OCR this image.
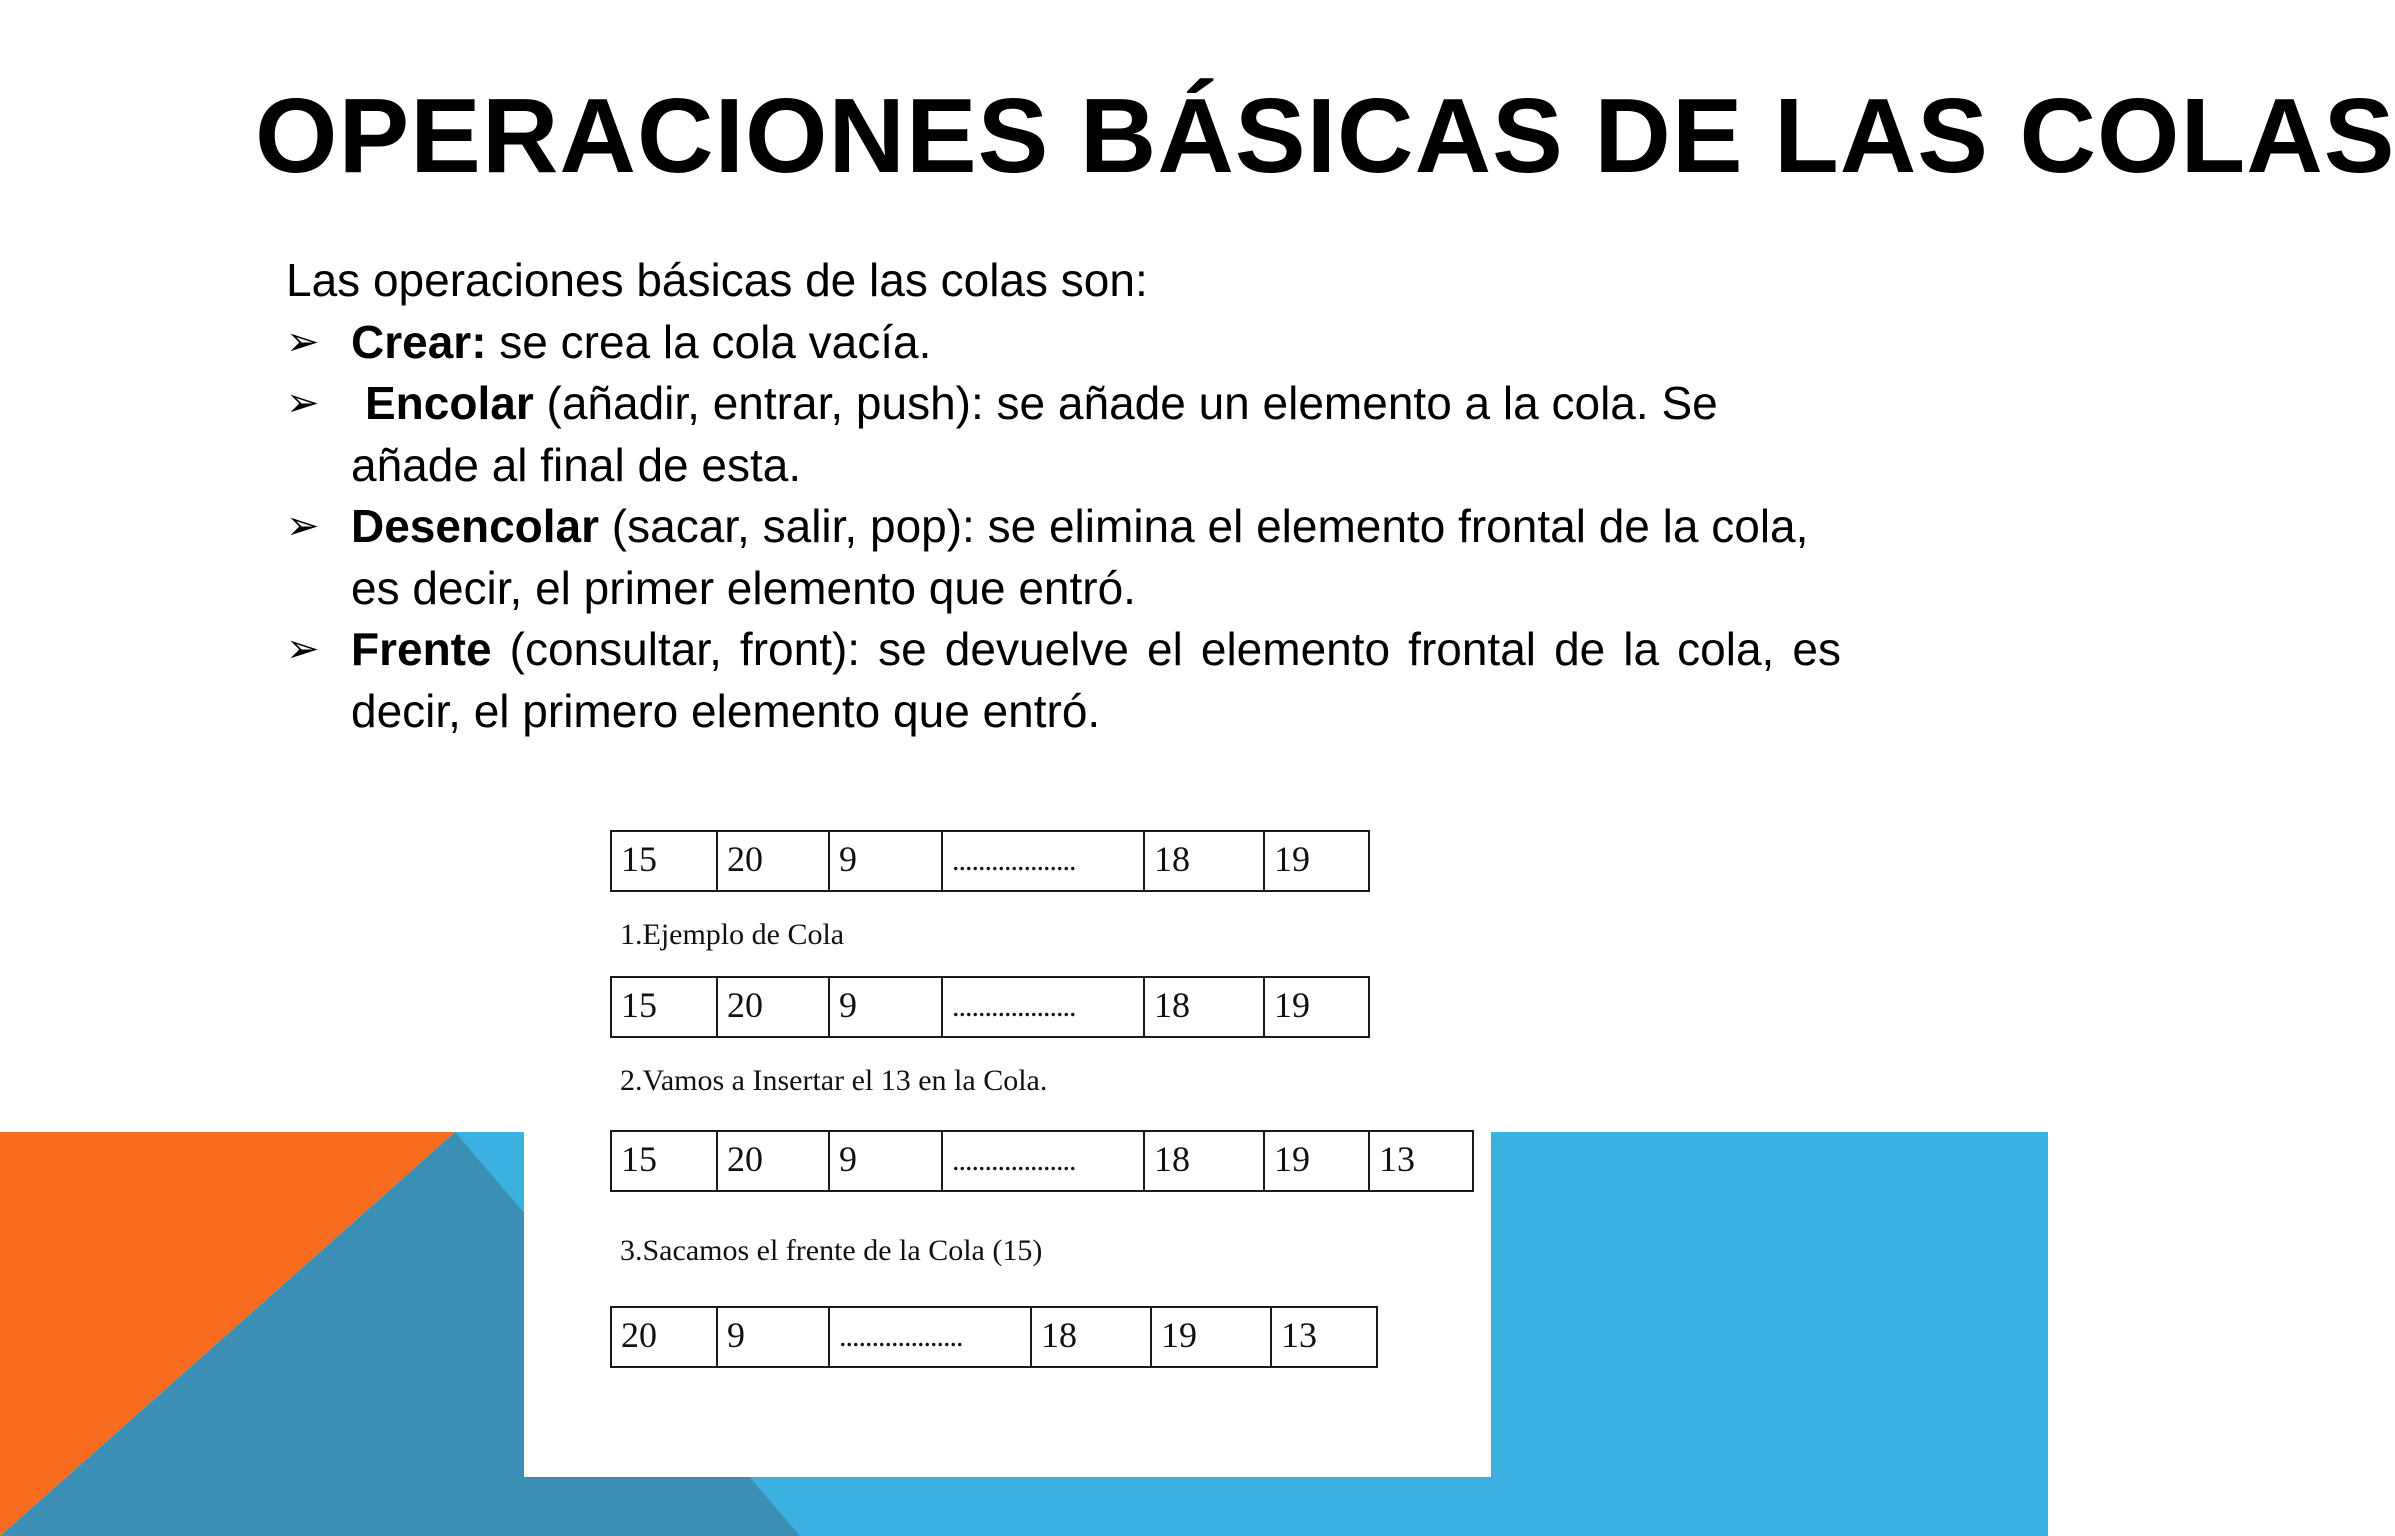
OPERACIONES BÁSICAS DE LAS COLAS

Las operaciones básicas de las colas son:

➢ Crear: se crea la cola vacía.

➢ Encolar (añadir, entrar, push): se añade un elemento a la cola. Se añade al final de esta.

➢ Desencolar (sacar, salir, pop): se elimina el elemento frontal de la cola, es decir, el primer elemento que entró.

➢ Frente (consultar, front): se devuelve el elemento frontal de la cola, es decir, el primero elemento que entró.

15	20	9	...................	18	19

1.Ejemplo de Cola

15	20	9	...................	18	19

2.Vamos a Insertar el 13 en la Cola.

15	20	9	...................	18	19	13

3.Sacamos el frente de la Cola (15)

20	9	...................	18	19	13
